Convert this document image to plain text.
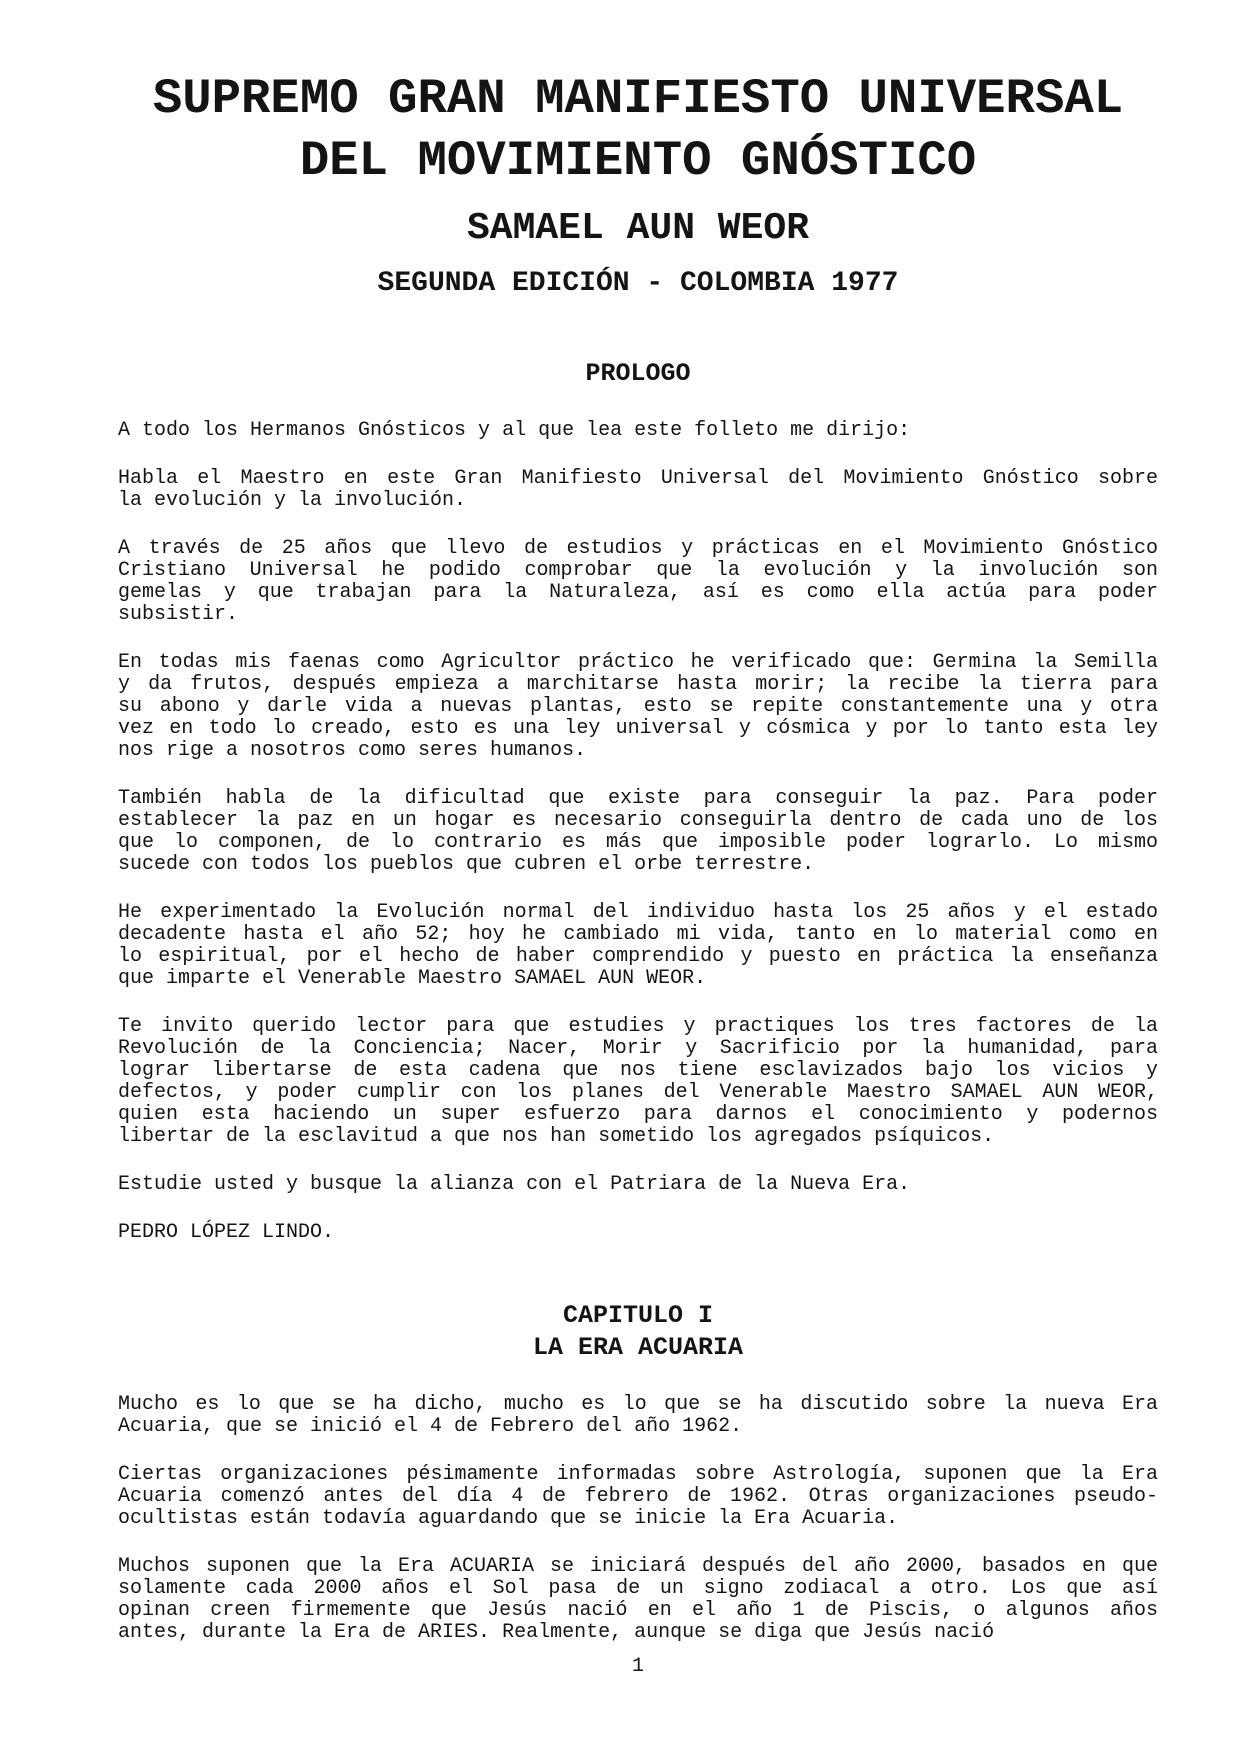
SUPREMO GRAN MANIFIESTO UNIVERSAL
DEL MOVIMIENTO GNÓSTICO
SAMAEL AUN WEOR
SEGUNDA EDICIÓN - COLOMBIA 1977
PROLOGO
A todo los Hermanos Gnósticos y al que lea este folleto me dirijo:
Habla el Maestro en este Gran Manifiesto Universal del Movimiento Gnóstico sobre
la evolución y la involución.
A través de 25 años que llevo de estudios y prácticas en el Movimiento Gnóstico
Cristiano Universal he podido comprobar que la evolución y la involución son
gemelas y que trabajan para la Naturaleza, así es como ella actúa para poder
subsistir.
En todas mis faenas como Agricultor práctico he verificado que: Germina la Semilla
y da frutos, después empieza a marchitarse hasta morir; la recibe la tierra para
su abono y darle vida a nuevas plantas, esto se repite constantemente una y otra
vez en todo lo creado, esto es una ley universal y cósmica y por lo tanto esta ley
nos rige a nosotros como seres humanos.
También habla de la dificultad que existe para conseguir la paz. Para poder
establecer la paz en un hogar es necesario conseguirla dentro de cada uno de los
que lo componen, de lo contrario es más que imposible poder lograrlo. Lo mismo
sucede con todos los pueblos que cubren el orbe terrestre.
He experimentado la Evolución normal del individuo hasta los 25 años y el estado
decadente hasta el año 52; hoy he cambiado mi vida, tanto en lo material como en
lo espiritual, por el hecho de haber comprendido y puesto en práctica la enseñanza
que imparte el Venerable Maestro SAMAEL AUN WEOR.
Te invito querido lector para que estudies y practiques los tres factores de la
Revolución de la Conciencia; Nacer, Morir y Sacrificio por la humanidad, para
lograr libertarse de esta cadena que nos tiene esclavizados bajo los vicios y
defectos, y poder cumplir con los planes del Venerable Maestro SAMAEL AUN WEOR,
quien esta haciendo un super esfuerzo para darnos el conocimiento y podernos
libertar de la esclavitud a que nos han sometido los agregados psíquicos.
Estudie usted y busque la alianza con el Patriara de la Nueva Era.
PEDRO LÓPEZ LINDO.
CAPITULO I
LA ERA ACUARIA
Mucho es lo que se ha dicho, mucho es lo que se ha discutido sobre la nueva Era
Acuaria, que se inició el 4 de Febrero del año 1962.
Ciertas organizaciones pésimamente informadas sobre Astrología, suponen que la Era
Acuaria comenzó antes del día 4 de febrero de 1962. Otras organizaciones pseudo-
ocultistas están todavía aguardando que se inicie la Era Acuaria.
Muchos suponen que la Era ACUARIA se iniciará después del año 2000, basados en que
solamente cada 2000 años el Sol pasa de un signo zodiacal a otro. Los que así
opinan creen firmemente que Jesús nació en el año 1 de Piscis, o algunos años
antes, durante la Era de ARIES. Realmente, aunque se diga que Jesús nació
1
